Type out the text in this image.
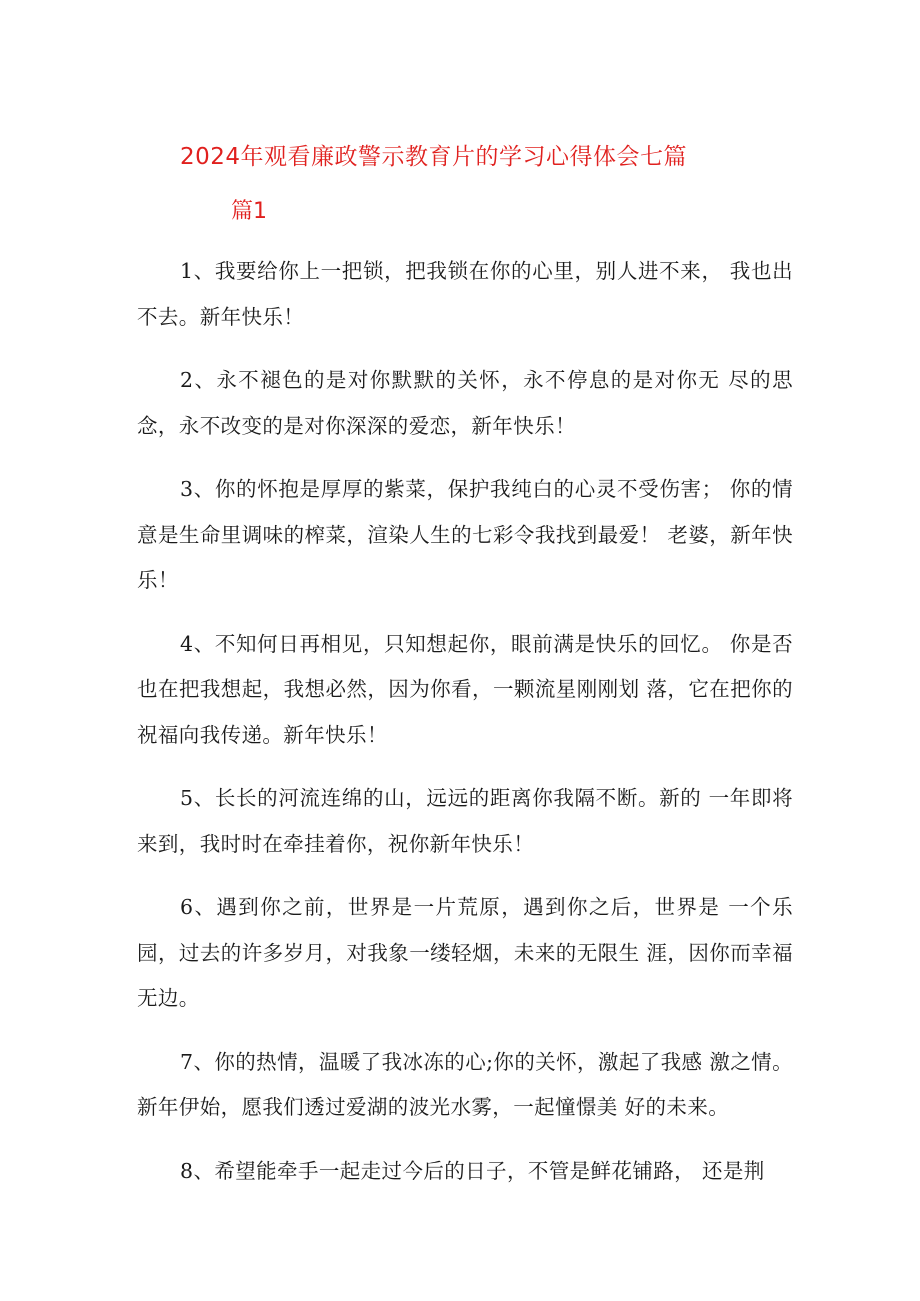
2024年观看廉政警示教育片的学习心得体会七篇
篇1

1、我要给你上一把锁，把我锁在你的心里，别人进不来， 我也出不去。新年快乐！

2、永不褪色的是对你默默的关怀，永不停息的是对你无 尽的思念，永不改变的是对你深深的爱恋，新年快乐！

3、你的怀抱是厚厚的紫菜，保护我纯白的心灵不受伤害； 你的情意是生命里调味的榨菜，渲染人生的七彩令我找到最爱！ 老婆，新年快乐！

4、不知何日再相见，只知想起你，眼前满是快乐的回忆。 你是否也在把我想起，我想必然，因为你看，一颗流星刚刚划 落，它在把你的祝福向我传递。新年快乐！

5、长长的河流连绵的山，远远的距离你我隔不断。新的 一年即将来到，我时时在牵挂着你，祝你新年快乐！

6、遇到你之前，世界是一片荒原，遇到你之后，世界是 一个乐园，过去的许多岁月，对我象一缕轻烟，未来的无限生 涯，因你而幸福无边。

7、你的热情，温暖了我冰冻的心;你的关怀，激起了我感 激之情。新年伊始，愿我们透过爱湖的波光水雾，一起憧憬美 好的未来。

8、希望能牵手一起走过今后的日子，不管是鲜花铺路， 还是荆
